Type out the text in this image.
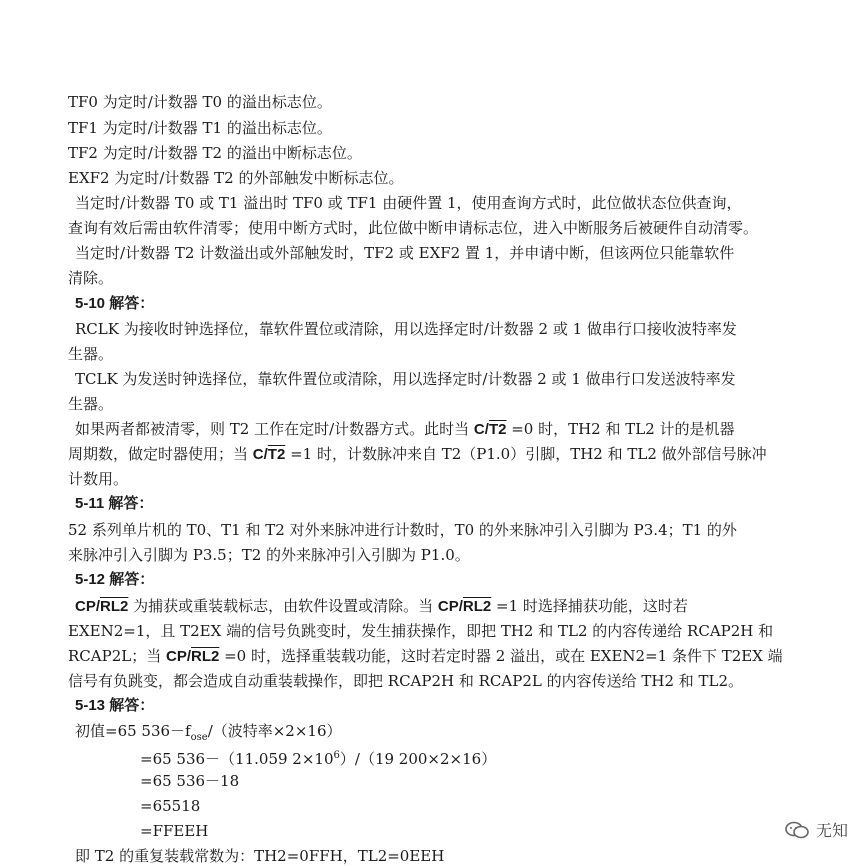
TF0 为定时/计数器 T0 的溢出标志位。
TF1 为定时/计数器 T1 的溢出标志位。
TF2 为定时/计数器 T2 的溢出中断标志位。
EXF2 为定时/计数器 T2 的外部触发中断标志位。
当定时/计数器 T0 或 T1 溢出时 TF0 或 TF1 由硬件置 1，使用查询方式时，此位做状态位供查询，
查询有效后需由软件清零；使用中断方式时，此位做中断申请标志位，进入中断服务后被硬件自动清零。
当定时/计数器 T2 计数溢出或外部触发时，TF2 或 EXF2 置 1，并申请中断，但该两位只能靠软件
清除。
5-10 解答：
RCLK 为接收时钟选择位，靠软件置位或清除，用以选择定时/计数器 2 或 1 做串行口接收波特率发
生器。
TCLK 为发送时钟选择位，靠软件置位或清除，用以选择定时/计数器 2 或 1 做串行口发送波特率发
生器。
如果两者都被清零，则 T2 工作在定时/计数器方式。此时当 C/T2 =0 时，TH2 和 TL2 计的是机器
周期数，做定时器使用；当 C/T2 =1 时，计数脉冲来自 T2（P1.0）引脚，TH2 和 TL2 做外部信号脉冲
计数用。
5-11 解答：
52 系列单片机的 T0、T1 和 T2 对外来脉冲进行计数时，T0 的外来脉冲引入引脚为 P3.4；T1 的外
来脉冲引入引脚为 P3.5；T2 的外来脉冲引入引脚为 P1.0。
5-12 解答：
CP/RL2 为捕获或重装载标志，由软件设置或清除。当 CP/RL2 =1 时选择捕获功能，这时若
EXEN2=1，且 T2EX 端的信号负跳变时，发生捕获操作，即把 TH2 和 TL2 的内容传递给 RCAP2H 和
RCAP2L；当 CP/RL2 =0 时，选择重装载功能，这时若定时器 2 溢出，或在 EXEN2=1 条件下 T2EX 端
信号有负跳变，都会造成自动重装载操作，即把 RCAP2H 和 RCAP2L 的内容传送给 TH2 和 TL2。
5-13 解答：
初值=65 $536-f_{ose}/$（波特率×2×16）
=65 536－（11.059 $2\times 10^6)/(19$ 200×2×16）
=65 536－18
=65518
=FFEEH
即 T2 的重复装载常数为：TH2=0FFH，TL2=0EEH
无知
